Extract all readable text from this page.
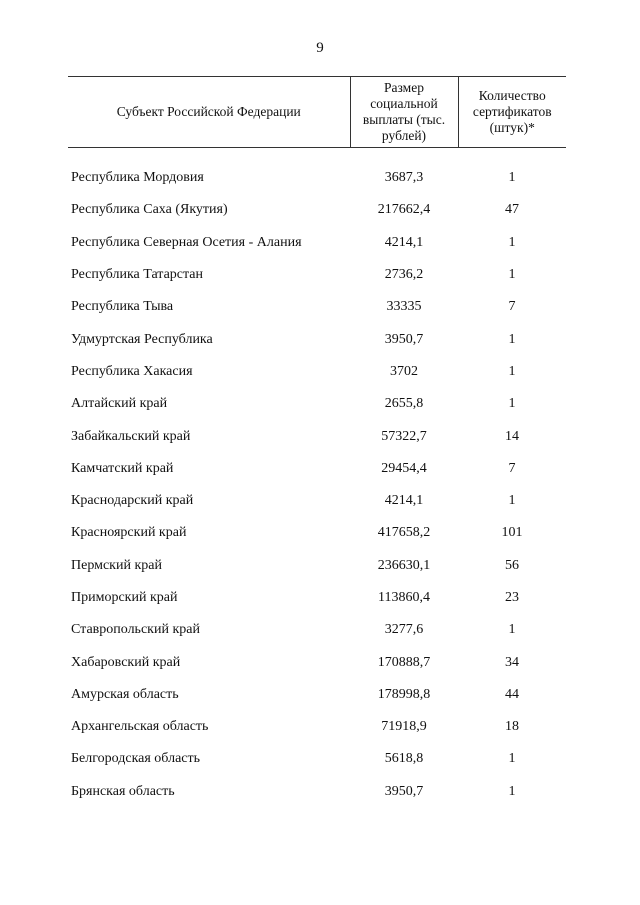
9
Субъект Российской Федерации	Размер социальной выплаты (тыс. рублей)	Количество сертификатов (штук)*

Республика Мордовия	3687,3	1
Республика Саха (Якутия)	217662,4	47
Республика Северная Осетия - Алания	4214,1	1
Республика Татарстан	2736,2	1
Республика Тыва	33335	7
Удмуртская Республика	3950,7	1
Республика Хакасия	3702	1
Алтайский край	2655,8	1
Забайкальский край	57322,7	14
Камчатский край	29454,4	7
Краснодарский край	4214,1	1
Красноярский край	417658,2	101
Пермский край	236630,1	56
Приморский край	113860,4	23
Ставропольский край	3277,6	1
Хабаровский край	170888,7	34
Амурская область	178998,8	44
Архангельская область	71918,9	18
Белгородская область	5618,8	1
Брянская область	3950,7	1
